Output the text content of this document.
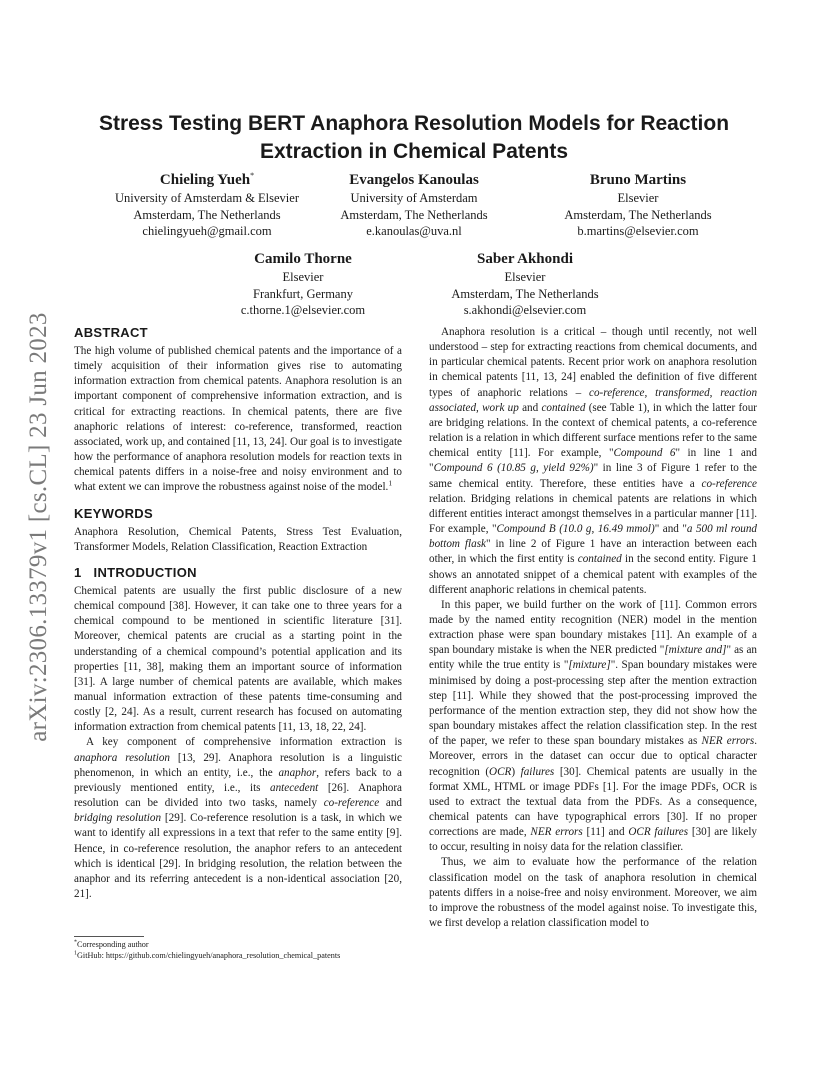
arXiv:2306.13379v1 [cs.CL] 23 Jun 2023
Stress Testing BERT Anaphora Resolution Models for Reaction Extraction in Chemical Patents
Chieling Yueh*
University of Amsterdam & Elsevier
Amsterdam, The Netherlands
chielingyueh@gmail.com
Evangelos Kanoulas
University of Amsterdam
Amsterdam, The Netherlands
e.kanoulas@uva.nl
Bruno Martins
Elsevier
Amsterdam, The Netherlands
b.martins@elsevier.com
Camilo Thorne
Elsevier
Frankfurt, Germany
c.thorne.1@elsevier.com
Saber Akhondi
Elsevier
Amsterdam, The Netherlands
s.akhondi@elsevier.com
ABSTRACT

The high volume of published chemical patents and the importance of a timely acquisition of their information gives rise to automating information extraction from chemical patents. Anaphora resolution is an important component of comprehensive information extraction, and is critical for extracting reactions. In chemical patents, there are five anaphoric relations of interest: co-reference, transformed, reaction associated, work up, and contained [11, 13, 24]. Our goal is to investigate how the performance of anaphora resolution models for reaction texts in chemical patents differs in a noise-free and noisy environment and to what extent we can improve the robustness against noise of the model.$^1$

KEYWORDS

Anaphora Resolution, Chemical Patents, Stress Test Evaluation, Transformer Models, Relation Classification, Reaction Extraction

1 INTRODUCTION

Chemical patents are usually the first public disclosure of a new chemical compound [38]. However, it can take one to three years for a chemical compound to be mentioned in scientific literature [31]. Moreover, chemical patents are crucial as a starting point in the understanding of a chemical compound’s potential application and its properties [11, 38], making them an important source of information [31]. A large number of chemical patents are available, which makes manual information extraction of these patents time-consuming and costly [2, 24]. As a result, current research has focused on automating information extraction from chemical patents [11, 13, 18, 22, 24].

A key component of comprehensive information extraction is anaphora resolution [13, 29]. Anaphora resolution is a linguistic phenomenon, in which an entity, i.e., the anaphor, refers back to a previously mentioned entity, i.e., its antecedent [26]. Anaphora resolution can be divided into two tasks, namely co-reference and bridging resolution [29]. Co-reference resolution is a task, in which we want to identify all expressions in a text that refer to the same entity [9]. Hence, in co-reference resolution, the anaphor refers to an antecedent which is identical [29]. In bridging resolution, the relation between the anaphor and its referring antecedent is a non-identical association [20, 21].

*Corresponding author
$^1$GitHub: https://github.com/chielingyueh/anaphora_resolution_chemical_patents

Anaphora resolution is a critical – though until recently, not well understood – step for extracting reactions from chemical documents, and in particular chemical patents. Recent prior work on anaphora resolution in chemical patents [11, 13, 24] enabled the definition of five different types of anaphoric relations – co-reference, transformed, reaction associated, work up and contained (see Table 1), in which the latter four are bridging relations. In the context of chemical patents, a co-reference relation is a relation in which different surface mentions refer to the same chemical entity [11]. For example, "Compound 6" in line 1 and "Compound 6 (10.85 g, yield 92%)" in line 3 of Figure 1 refer to the same chemical entity. Therefore, these entities have a co-reference relation. Bridging relations in chemical patents are relations in which different entities interact amongst themselves in a particular manner [11]. For example, "Compound B (10.0 g, 16.49 mmol)" and "a 500 ml round bottom flask" in line 2 of Figure 1 have an interaction between each other, in which the first entity is contained in the second entity. Figure 1 shows an annotated snippet of a chemical patent with examples of the different anaphoric relations in chemical patents.

In this paper, we build further on the work of [11]. Common errors made by the named entity recognition (NER) model in the mention extraction phase were span boundary mistakes [11]. An example of a span boundary mistake is when the NER predicted "[mixture and]" as an entity while the true entity is "[mixture]". Span boundary mistakes were minimised by doing a post-processing step after the mention extraction step [11]. While they showed that the post-processing improved the performance of the mention extraction step, they did not show how the span boundary mistakes affect the relation classification step. In the rest of the paper, we refer to these span boundary mistakes as NER errors. Moreover, errors in the dataset can occur due to optical character recognition (OCR) failures [30]. Chemical patents are usually in the format XML, HTML or image PDFs [1]. For the image PDFs, OCR is used to extract the textual data from the PDFs. As a consequence, chemical patents can have typographical errors [30]. If no proper corrections are made, NER errors [11] and OCR failures [30] are likely to occur, resulting in noisy data for the relation classifier.

Thus, we aim to evaluate how the performance of the relation classification model on the task of anaphora resolution in chemical patents differs in a noise-free and noisy environment. Moreover, we aim to improve the robustness of the model against noise. To investigate this, we first develop a relation classification model to
